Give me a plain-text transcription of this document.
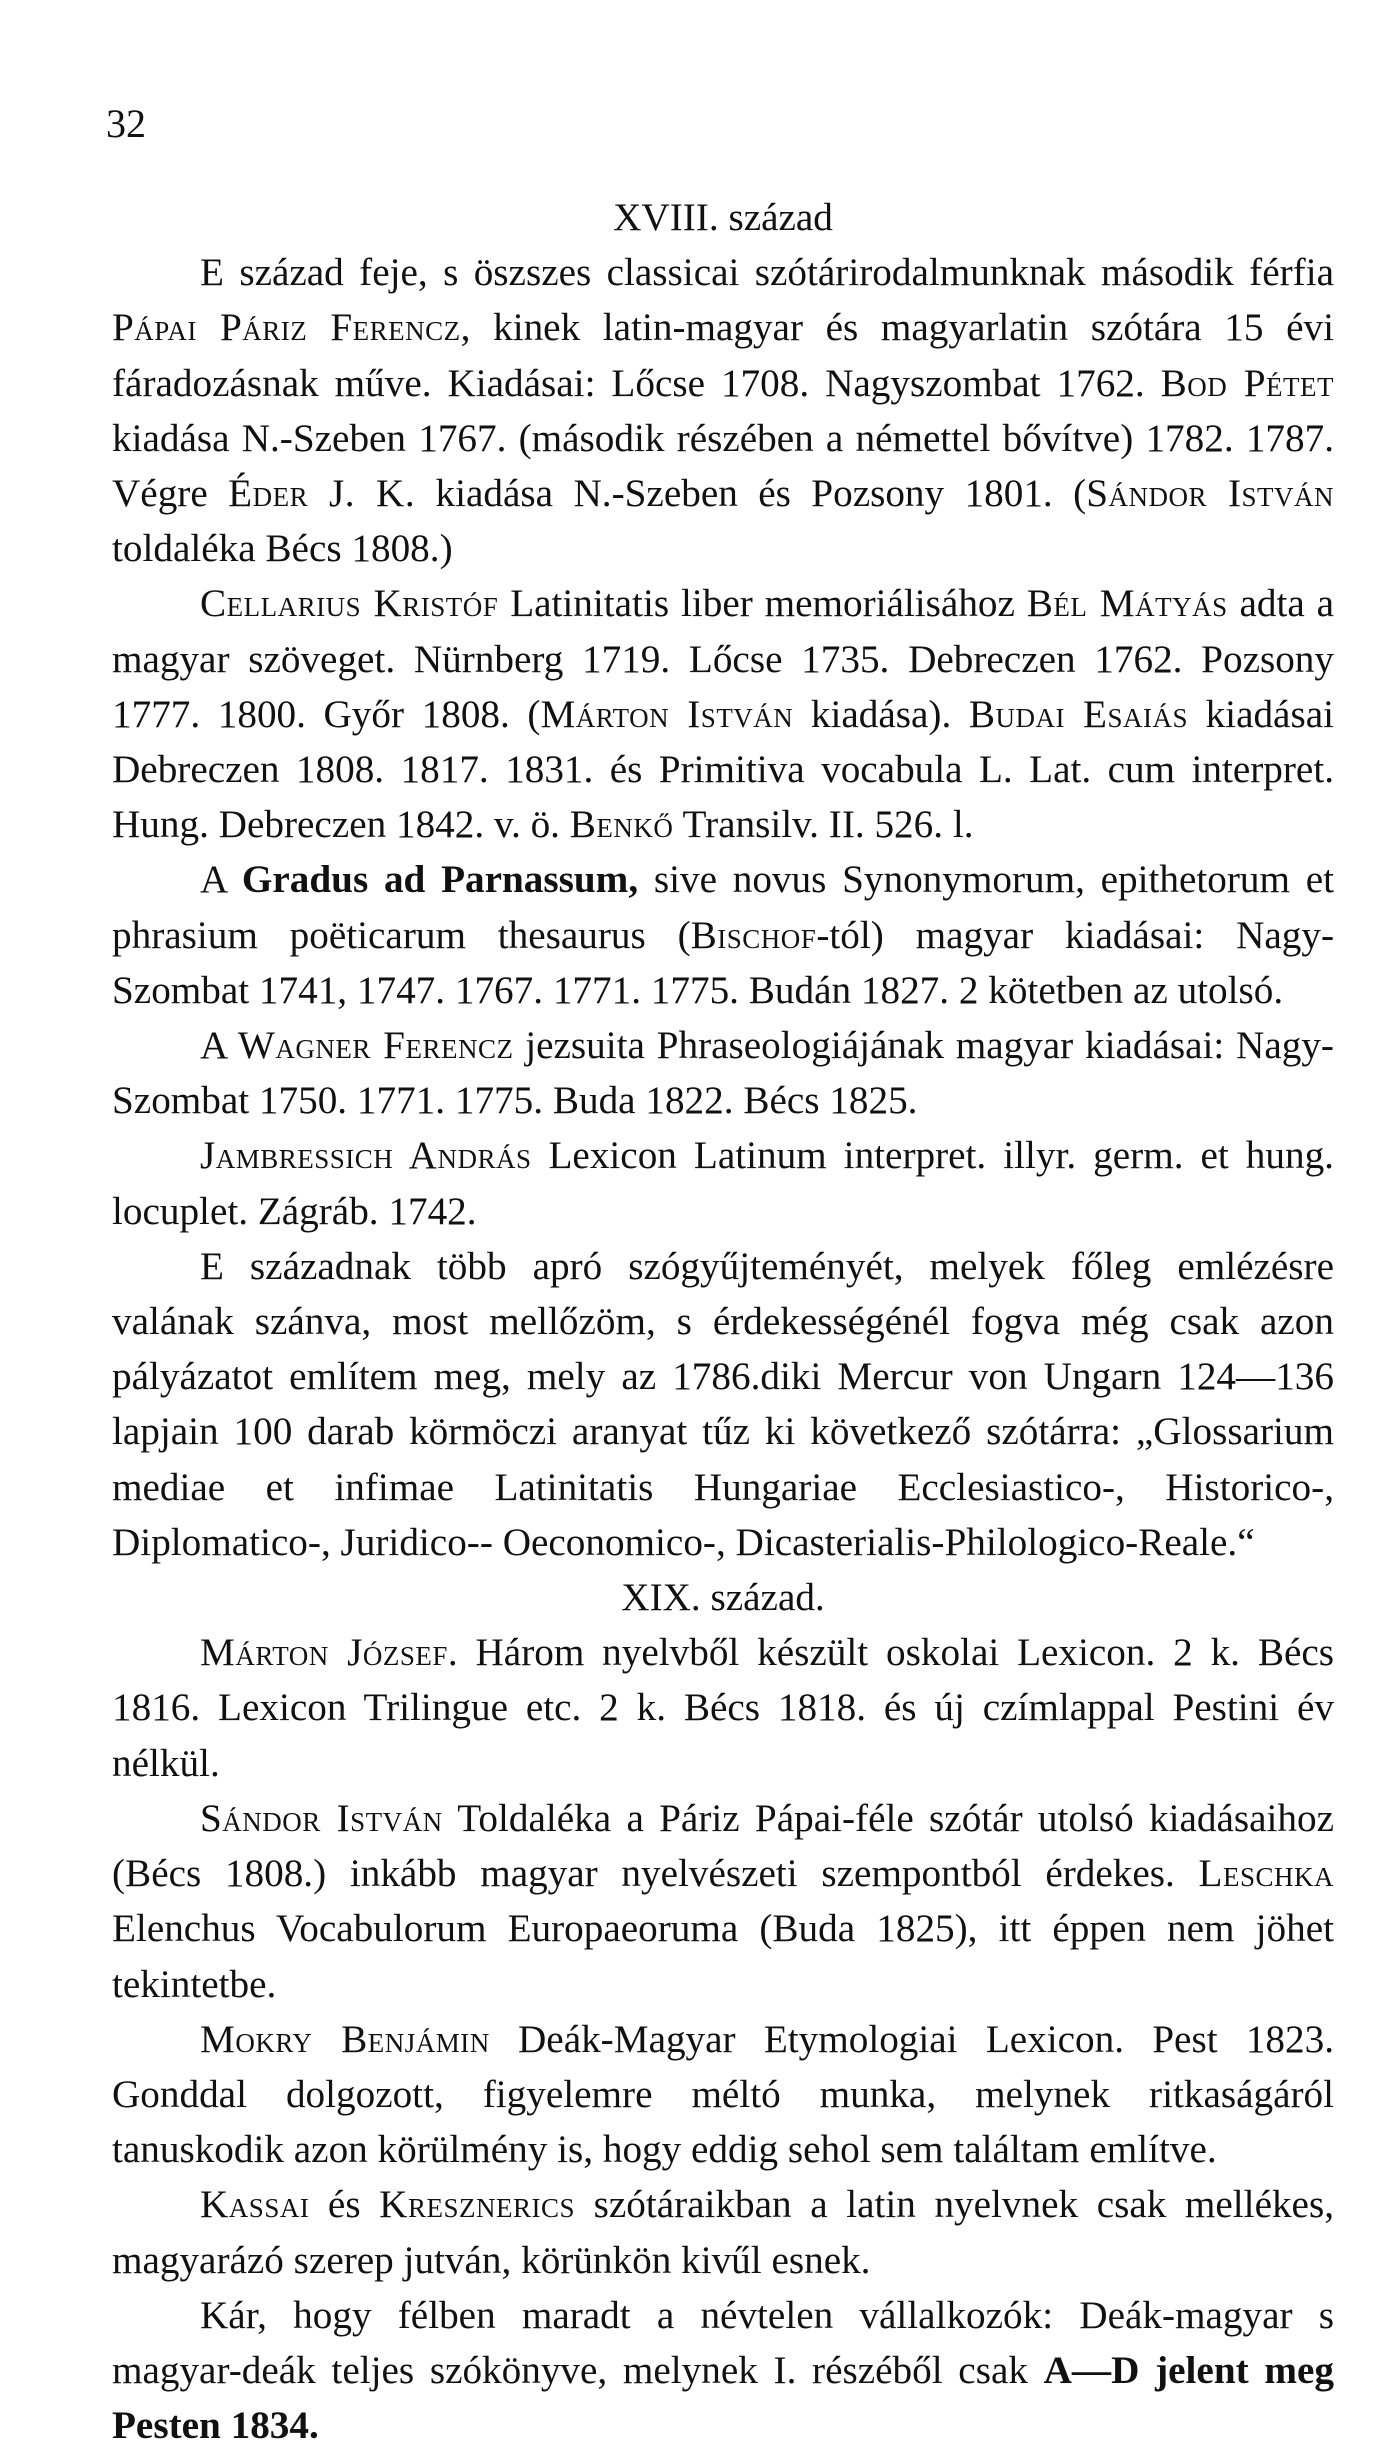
32
XVIII. század

E század feje, s öszszes classicai szótárirodalmunknak második férfia Pápai Páriz Ferencz, kinek latin-magyar és magyarlatin szótára 15 évi fáradozásnak műve. Kiadásai: Lőcse 1708. Nagyszombat 1762. Bod Pétet kiadása N.-Szeben 1767. (második részében a némettel bővítve) 1782. 1787. Végre Éder J. K. kiadása N.-Szeben és Pozsony 1801. (Sándor István toldaléka Bécs 1808.)

Cellarius Kristóf Latinitatis liber memoriálisához Bél Mátyás adta a magyar szöveget. Nürnberg 1719. Lőcse 1735. Debreczen 1762. Pozsony 1777. 1800. Győr 1808. (Márton István kiadása). Budai Esaiás kiadásai Debreczen 1808. 1817. 1831. és Primitiva vocabula L. Lat. cum interpret. Hung. Debreczen 1842. v. ö. Benkő Transilv. II. 526. l.

A Gradus ad Parnassum, sive novus Synonymorum, epithetorum et phrasium poëticarum thesaurus (Bischof-tól) magyar kiadásai: Nagy-Szombat 1741, 1747. 1767. 1771. 1775. Budán 1827. 2 kötetben az utolsó.

A Wagner Ferencz jezsuita Phraseologiájának magyar kiadásai: Nagy-Szombat 1750. 1771. 1775. Buda 1822. Bécs 1825.

Jambressich András Lexicon Latinum interpret. illyr. germ. et hung. locuplet. Zágráb. 1742.

E századnak több apró szógyűjteményét, melyek főleg emlézésre valának szánva, most mellőzöm, s érdekességénél fogva még csak azon pályázatot említem meg, mely az 1786.diki Mercur von Ungarn 124—136 lapjain 100 darab körmöczi aranyat tűz ki következő szótárra: „Glossarium mediae et infimae Latinitatis Hungariae Ecclesiastico-, Historico-, Diplomatico-, Juridico-- Oeconomico-, Dicasterialis-Philologico-Reale.“

XIX. század.

Márton József. Három nyelvből készült oskolai Lexicon. 2 k. Bécs 1816. Lexicon Trilingue etc. 2 k. Bécs 1818. és új czímlappal Pestini év nélkül.

Sándor István Toldaléka a Páriz Pápai-féle szótár utolsó kiadásaihoz (Bécs 1808.) inkább magyar nyelvészeti szempontból érdekes. Leschka Elenchus Vocabulorum Europaeoruma (Buda 1825), itt éppen nem jöhet tekintetbe.

Mokry Benjámin Deák-Magyar Etymologiai Lexicon. Pest 1823. Gonddal dolgozott, figyelemre méltó munka, melynek ritkaságáról tanuskodik azon körülmény is, hogy eddig sehol sem találtam említve.

Kassai és Kresznerics szótáraikban a latin nyelvnek csak mellékes, magyarázó szerep jutván, körünkön kivűl esnek.

Kár, hogy félben maradt a névtelen vállalkozók: Deák-magyar s magyar-deák teljes szókönyve, melynek I. részéből csak A—D jelent meg Pesten 1834.
